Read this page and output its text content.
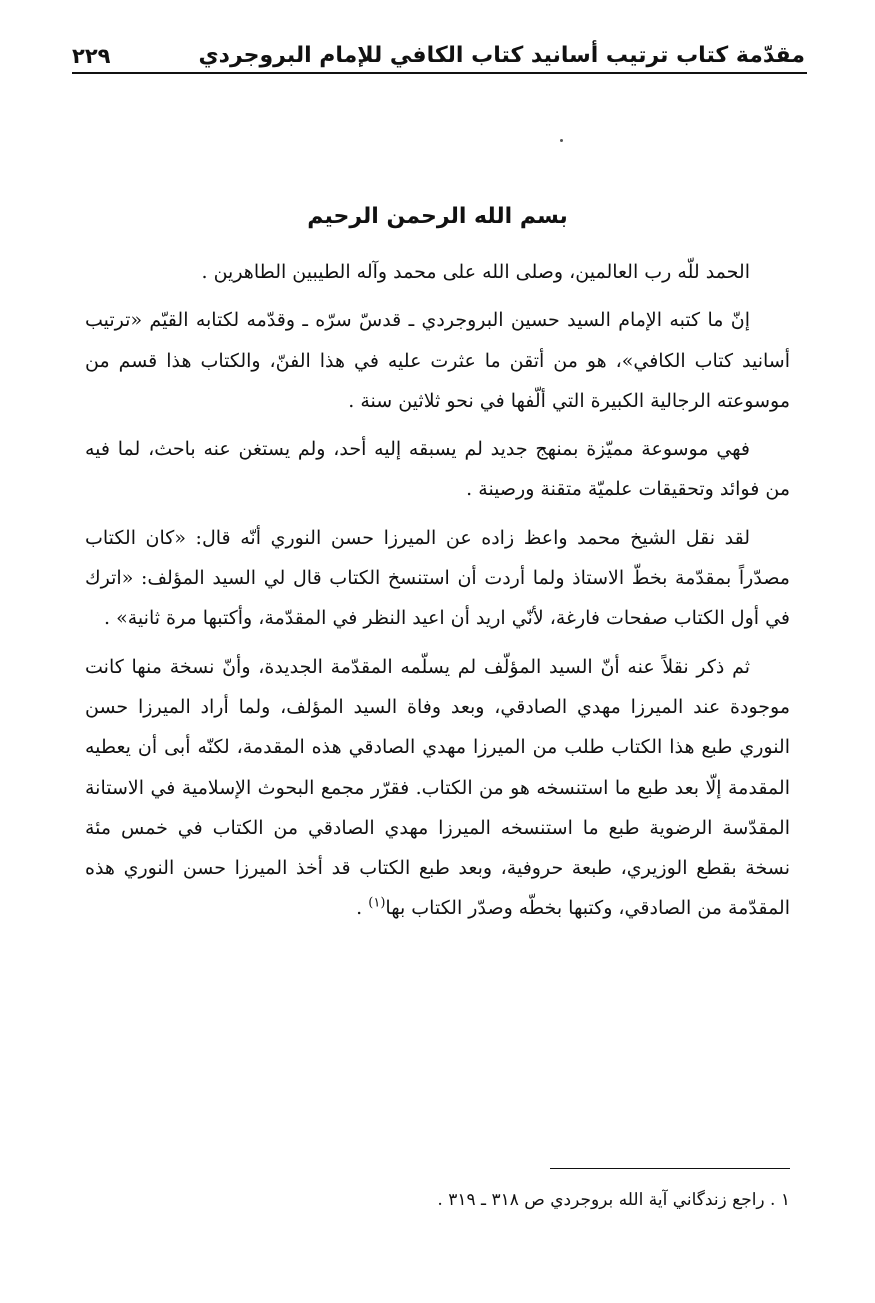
مقدّمة كتاب ترتيب أسانيد كتاب الكافي للإمام البروجردي
٢٢٩
بسم الله الرحمن الرحيم

الحمد للّه رب العالمين، وصلى الله على محمد وآله الطيبين الطاهرين .

إنّ ما كتبه الإمام السيد حسين البروجردي ـ قدسّ سرّه ـ وقدّمه لكتابه القيّم «ترتيب أسانيد كتاب الكافي»، هو من أتقن ما عثرت عليه في هذا الفنّ، والكتاب هذا قسم من موسوعته الرجالية الكبيرة التي ألّفها في نحو ثلاثين سنة .

فهي موسوعة مميّزة بمنهج جديد لم يسبقه إليه أحد، ولم يستغن عنه باحث، لما فيه من فوائد وتحقيقات علميّة متقنة ورصينة .

لقد نقل الشيخ محمد واعظ زاده عن الميرزا حسن النوري أنّه قال: «كان الكتاب مصدّراً بمقدّمة بخطّ الاستاذ ولما أردت أن استنسخ الكتاب قال لي السيد المؤلف: «اترك في أول الكتاب صفحات فارغة، لأنّي اريد أن اعيد النظر في المقدّمة، وأكتبها مرة ثانية» .

ثم ذكر نقلاً عنه أنّ السيد المؤلّف لم يسلّمه المقدّمة الجديدة، وأنّ نسخة منها كانت موجودة عند الميرزا مهدي الصادقي، وبعد وفاة السيد المؤلف، ولما أراد الميرزا حسن النوري طبع هذا الكتاب طلب من الميرزا مهدي الصادقي هذه المقدمة، لكنّه أبى أن يعطيه المقدمة إلّا بعد طبع ما استنسخه هو من الكتاب. فقرّر مجمع البحوث الإسلامية في الاستانة المقدّسة الرضوية طبع ما استنسخه الميرزا مهدي الصادقي من الكتاب في خمس مئة نسخة بقطع الوزيري، طبعة حروفية، وبعد طبع الكتاب قد أخذ الميرزا حسن النوري هذه المقدّمة من الصادقي، وكتبها بخطّه وصدّر الكتاب بها$^{(١)}$ .

١ . راجع زندگاني آية الله بروجردي ص ٣١٨ ـ ٣١٩ .
